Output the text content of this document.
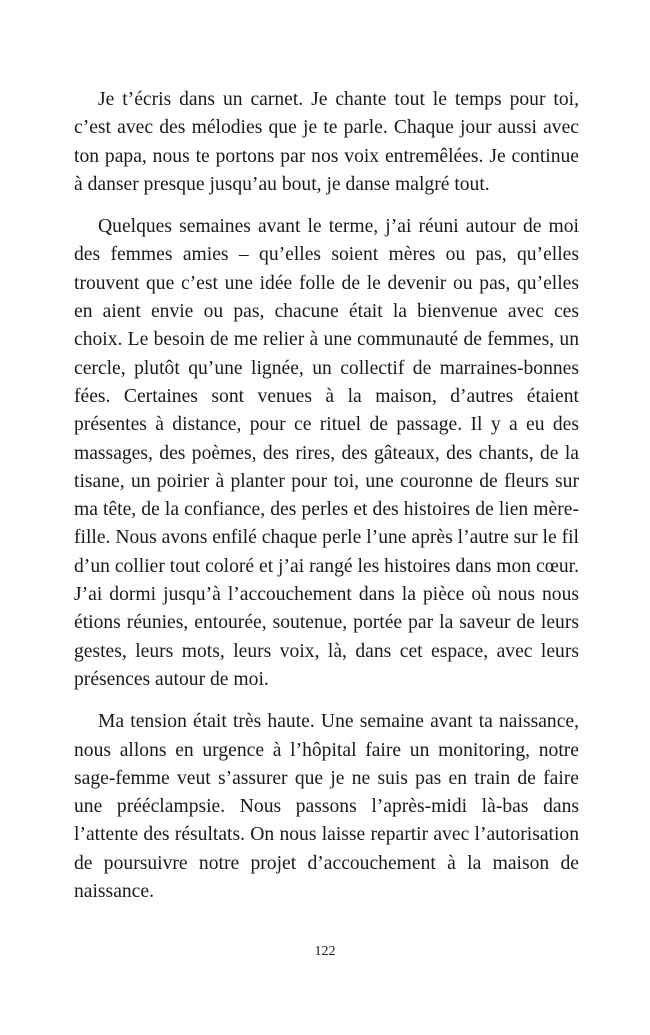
Je t’écris dans un carnet. Je chante tout le temps pour toi, c’est avec des mélodies que je te parle. Chaque jour aussi avec ton papa, nous te portons par nos voix entremêlées. Je continue à danser presque jusqu’au bout, je danse malgré tout.

Quelques semaines avant le terme, j’ai réuni autour de moi des femmes amies – qu’elles soient mères ou pas, qu’elles trouvent que c’est une idée folle de le devenir ou pas, qu’elles en aient envie ou pas, chacune était la bienvenue avec ces choix. Le besoin de me relier à une communauté de femmes, un cercle, plutôt qu’une lignée, un collectif de marraines-bonnes fées. Certaines sont venues à la maison, d’autres étaient présentes à distance, pour ce rituel de passage. Il y a eu des massages, des poèmes, des rires, des gâteaux, des chants, de la tisane, un poirier à planter pour toi, une couronne de fleurs sur ma tête, de la confiance, des perles et des histoires de lien mère-fille. Nous avons enfilé chaque perle l’une après l’autre sur le fil d’un collier tout coloré et j’ai rangé les histoires dans mon cœur. J’ai dormi jusqu’à l’accouchement dans la pièce où nous nous étions réunies, entourée, soutenue, portée par la saveur de leurs gestes, leurs mots, leurs voix, là, dans cet espace, avec leurs présences autour de moi.

Ma tension était très haute. Une semaine avant ta naissance, nous allons en urgence à l’hôpital faire un monitoring, notre sage-femme veut s’assurer que je ne suis pas en train de faire une prééclampsie. Nous passons l’après-midi là-bas dans l’attente des résultats. On nous laisse repartir avec l’autorisation de poursuivre notre projet d’accouchement à la maison de naissance.

122
